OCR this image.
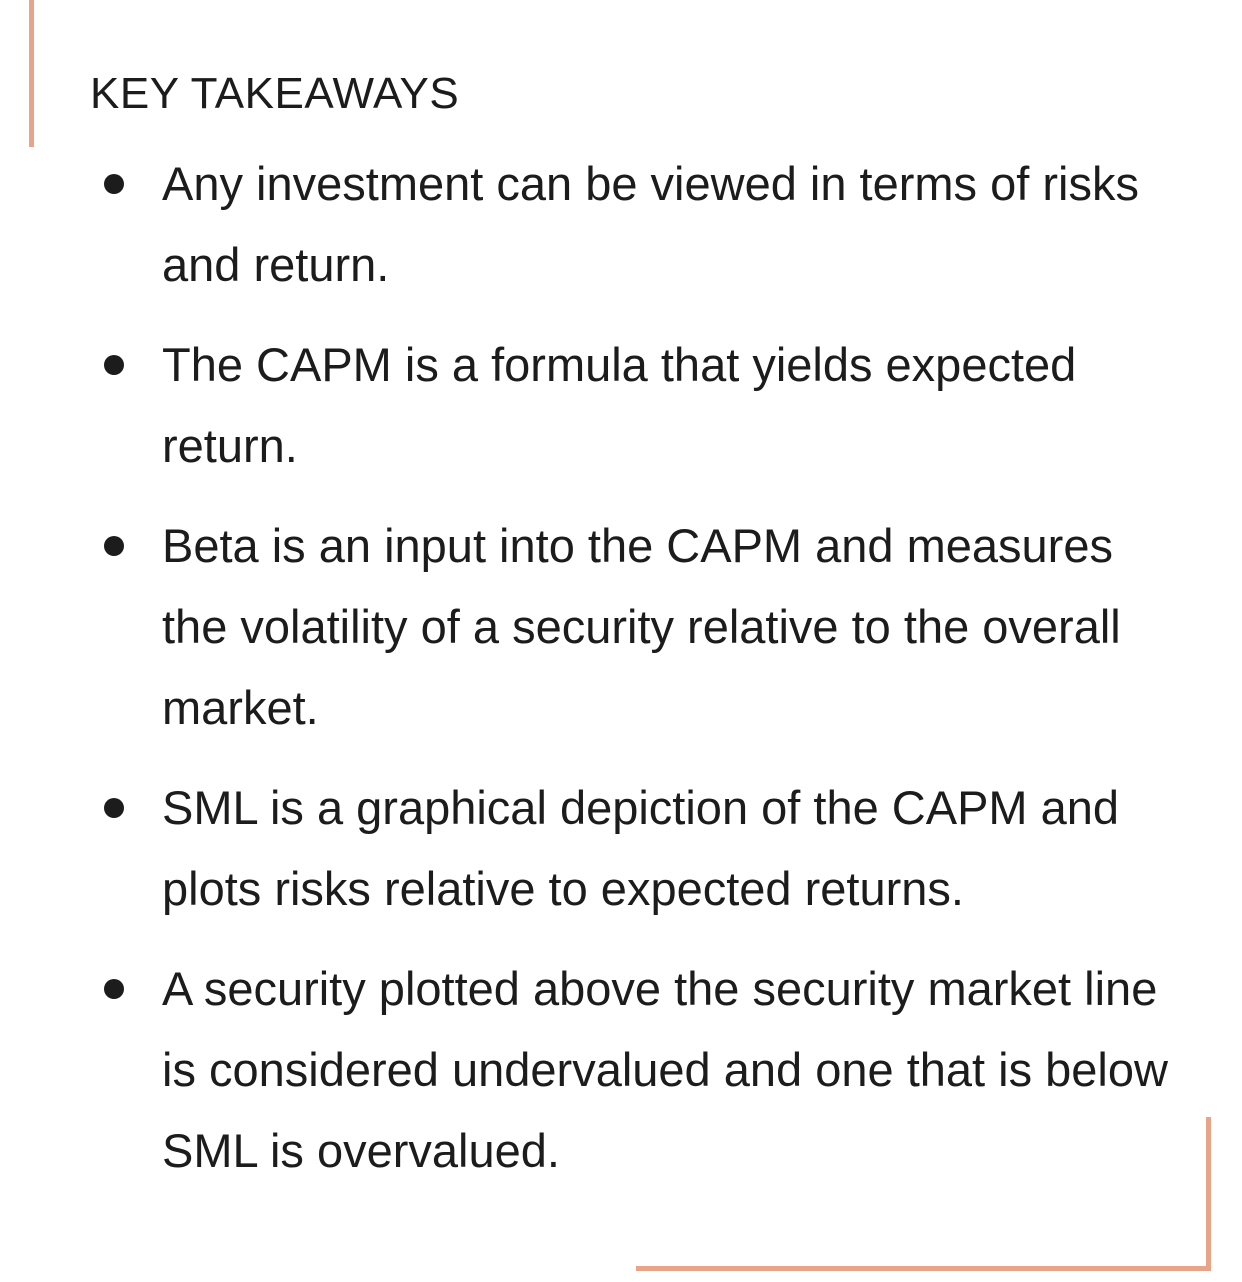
KEY TAKEAWAYS
Any investment can be viewed in terms of risks and return.
The CAPM is a formula that yields expected return.
Beta is an input into the CAPM and measures the volatility of a security relative to the overall market.
SML is a graphical depiction of the CAPM and plots risks relative to expected returns.
A security plotted above the security market line is considered undervalued and one that is below SML is overvalued.
